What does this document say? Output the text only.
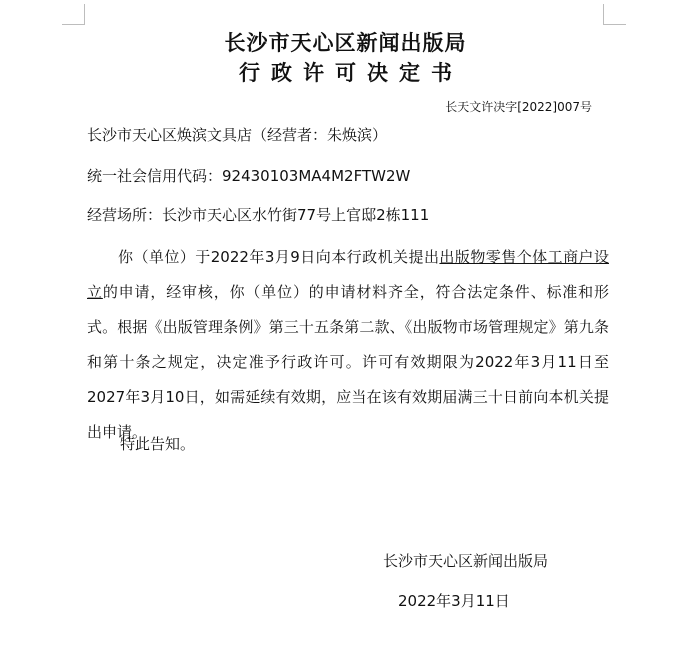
长沙市天心区新闻出版局
行政许可决定书
长天文许决字[2022]007号
长沙市天心区焕滨文具店（经营者：朱焕滨）
统一社会信用代码：92430103MA4M2FTW2W
经营场所：长沙市天心区水竹街77号上官邸2栋111
你（单位）于2022年3月9日向本行政机关提出出版物零售个体工商户设立的申请，经审核，你（单位）的申请材料齐全，符合法定条件、标准和形式。根据《出版管理条例》第三十五条第二款、《出版物市场管理规定》第九条和第十条之规定，决定准予行政许可。许可有效期限为2022年3月11日至2027年3月10日，如需延续有效期，应当在该有效期届满三十日前向本机关提出申请。
特此告知。
长沙市天心区新闻出版局
2022年3月11日
